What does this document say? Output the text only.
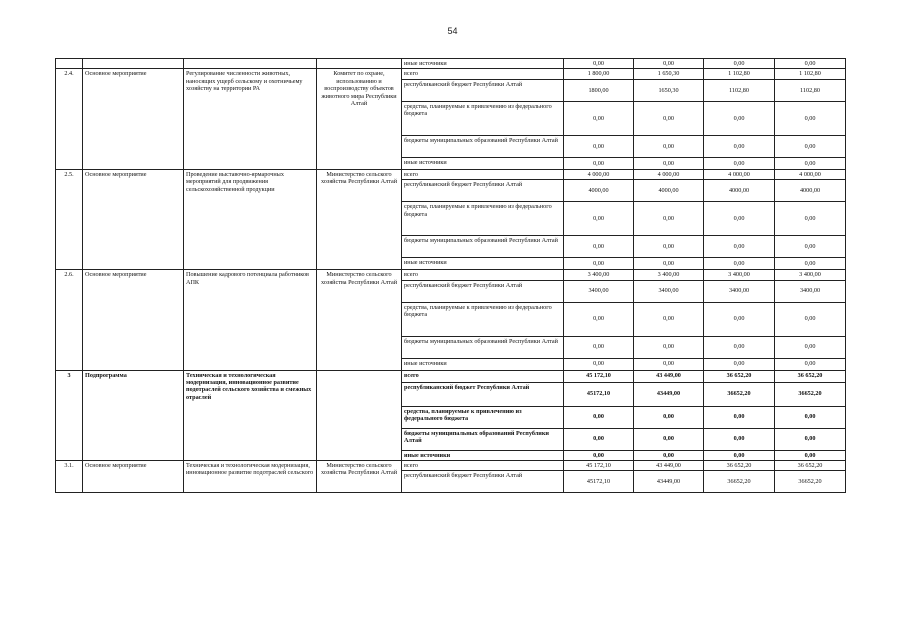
54
				иные источники	0,00	0,00	0,00	0,00
2.4.	Основное мероприятие	Регулирование численности животных, наносящих ущерб сельскому и охотничьему хозяйству на территории РА	Комитет по охране, использованию и воспроизводству объектов животного мира Республики Алтай	всего	1 800,00	1 650,30	1 102,80	1 102,80
				республиканский бюджет Республики Алтай	1800,00	1650,30	1102,80	1102,80
				средства, планируемые к привлечению из федерального бюджета	0,00	0,00	0,00	0,00
				бюджеты муниципальных образований Республики Алтай	0,00	0,00	0,00	0,00
				иные источники	0,00	0,00	0,00	0,00
2.5.	Основное мероприятие	Проведение выставочно-ярмарочных мероприятий для продвижения сельскохозяйственной продукции	Министерство сельского хозяйства Республики Алтай	всего	4 000,00	4 000,00	4 000,00	4 000,00
				республиканский бюджет Республики Алтай	4000,00	4000,00	4000,00	4000,00
				средства, планируемые к привлечению из федерального бюджета	0,00	0,00	0,00	0,00
				бюджеты муниципальных образований Республики Алтай	0,00	0,00	0,00	0,00
				иные источники	0,00	0,00	0,00	0,00
2.6.	Основное мероприятие	Повышение кадрового потенциала работников АПК	Министерство сельского хозяйства Республики Алтай	всего	3 400,00	3 400,00	3 400,00	3 400,00
				республиканский бюджет Республики Алтай	3400,00	3400,00	3400,00	3400,00
				средства, планируемые к привлечению из федерального бюджета	0,00	0,00	0,00	0,00
				бюджеты муниципальных образований Республики Алтай	0,00	0,00	0,00	0,00
				иные источники	0,00	0,00	0,00	0,00
3	Подпрограмма	Техническая и технологическая модернизация, инновационное развитие подотраслей сельского хозяйства и смежных отраслей		всего	45 172,10	43 449,00	36 652,20	36 652,20
				республиканский бюджет Республики Алтай	45172,10	43449,00	36652,20	36652,20
				средства, планируемые к привлечению из федерального бюджета	0,00	0,00	0,00	0,00
				бюджеты муниципальных образований Республики Алтай	0,00	0,00	0,00	0,00
				иные источники	0,00	0,00	0,00	0,00
3.1.	Основное мероприятие	Техническая и технологическая модернизация, инновационное развитие подотраслей сельского	Министерство сельского хозяйства Республики Алтай	всего	45 172,10	43 449,00	36 652,20	36 652,20
				республиканский бюджет Республики Алтай	45172,10	43449,00	36652,20	36652,20
